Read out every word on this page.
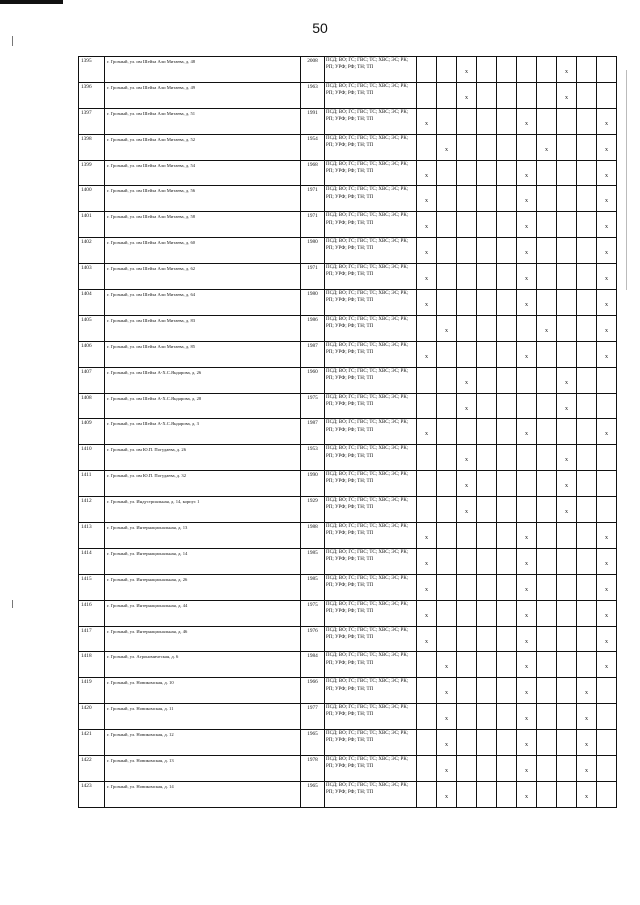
50
1395	г. Грозный, ул. им Шейха Али Митаева, д. 48	2008	ПСД; ВО; ГС; ГВС; ТС; ХВС; ЭС; РК; РП; УРФ; РФ; ТН; ТП			x					x		

1396	г. Грозный, ул. им Шейха Али Митаева, д. 49	1963	ПСД; ВО; ГС; ГВС; ТС; ХВС; ЭС; РК; РП; УРФ; РФ; ТН; ТП			x					x		

1397	г. Грозный, ул. им Шейха Али Митаева, д. 51	1991	ПСД; ВО; ГС; ГВС; ТС; ХВС; ЭС; РК; РП; УРФ; РФ; ТН; ТП	x					x				x

1398	г. Грозный, ул. им Шейха Али Митаева, д. 52	1954	ПСД; ВО; ГС; ГВС; ТС; ХВС; ЭС; РК; РП; УРФ; РФ; ТН; ТП		x					x			x

1399	г. Грозный, ул. им Шейха Али Митаева, д. 54	1968	ПСД; ВО; ГС; ГВС; ТС; ХВС; ЭС; РК; РП; УРФ; РФ; ТН; ТП	x					x				x

1400	г. Грозный, ул. им Шейха Али Митаева, д. 56	1971	ПСД; ВО; ГС; ГВС; ТС; ХВС; ЭС; РК; РП; УРФ; РФ; ТН; ТП	x					x				x

1401	г. Грозный, ул. им Шейха Али Митаева, д. 58	1971	ПСД; ВО; ГС; ГВС; ТС; ХВС; ЭС; РК; РП; УРФ; РФ; ТН; ТП	x					x				x

1402	г. Грозный, ул. им Шейха Али Митаева, д. 60	1980	ПСД; ВО; ГС; ГВС; ТС; ХВС; ЭС; РК; РП; УРФ; РФ; ТН; ТП	x					x				x

1403	г. Грозный, ул. им Шейха Али Митаева, д. 62	1971	ПСД; ВО; ГС; ГВС; ТС; ХВС; ЭС; РК; РП; УРФ; РФ; ТН; ТП	x					x				x

1404	г. Грозный, ул. им Шейха Али Митаева, д. 64	1980	ПСД; ВО; ГС; ГВС; ТС; ХВС; ЭС; РК; РП; УРФ; РФ; ТН; ТП	x					x				x

1405	г. Грозный, ул. им Шейха Али Митаева, д. 83	1986	ПСД; ВО; ГС; ГВС; ТС; ХВС; ЭС; РК; РП; УРФ; РФ; ТН; ТП		x					x			x

1406	г. Грозный, ул. им Шейха Али Митаева, д. 85	1987	ПСД; ВО; ГС; ГВС; ТС; ХВС; ЭС; РК; РП; УРФ; РФ; ТН; ТП	x					x				x

1407	г. Грозный, ул. им Шейха А-Х.С.Яндарова, д. 26	1960	ПСД; ВО; ГС; ГВС; ТС; ХВС; ЭС; РК; РП; УРФ; РФ; ТН; ТП			x					x		

1408	г. Грозный, ул. им Шейха А-Х.С.Яндарова, д. 28	1975	ПСД; ВО; ГС; ГВС; ТС; ХВС; ЭС; РК; РП; УРФ; РФ; ТН; ТП			x					x		

1409	г. Грозный, ул. им Шейха А-Х.С.Яндарова, д. 3	1987	ПСД; ВО; ГС; ГВС; ТС; ХВС; ЭС; РК; РП; УРФ; РФ; ТН; ТП	x					x				x

1410	г. Грозный, ул. им Ю.П. Погудаева, д. 26	1953	ПСД; ВО; ГС; ГВС; ТС; ХВС; ЭС; РК; РП; УРФ; РФ; ТН; ТП			x					x		

1411	г. Грозный, ул. им Ю.П. Погудаева, д. 32	1990	ПСД; ВО; ГС; ГВС; ТС; ХВС; ЭС; РК; РП; УРФ; РФ; ТН; ТП			x					x		

1412	г. Грозный, ул. Индустриальная, д. 14, корпус 1	1929	ПСД; ВО; ГС; ГВС; ТС; ХВС; ЭС; РК; РП; УРФ; РФ; ТН; ТП			x					x		

1413	г. Грозный, ул. Интернациональная, д. 13	1988	ПСД; ВО; ГС; ГВС; ТС; ХВС; ЭС; РК; РП; УРФ; РФ; ТН; ТП	x					x				x

1414	г. Грозный, ул. Интернациональная, д. 14	1985	ПСД; ВО; ГС; ГВС; ТС; ХВС; ЭС; РК; РП; УРФ; РФ; ТН; ТП	x					x				x

1415	г. Грозный, ул. Интернациональная, д. 26	1985	ПСД; ВО; ГС; ГВС; ТС; ХВС; ЭС; РК; РП; УРФ; РФ; ТН; ТП	x					x				x

1416	г. Грозный, ул. Интернациональная, д. 44	1975	ПСД; ВО; ГС; ГВС; ТС; ХВС; ЭС; РК; РП; УРФ; РФ; ТН; ТП	x					x				x

1417	г. Грозный, ул. Интернациональная, д. 46	1976	ПСД; ВО; ГС; ГВС; ТС; ХВС; ЭС; РК; РП; УРФ; РФ; ТН; ТП	x					x				x

1418	г. Грозный, ул. Агрономическая, д. 6	1984	ПСД; ВО; ГС; ГВС; ТС; ХВС; ЭС; РК; РП; УРФ; РФ; ТН; ТП		x				x				x

1419	г. Грозный, ул. Новикомская, д. 10	1966	ПСД; ВО; ГС; ГВС; ТС; ХВС; ЭС; РК; РП; УРФ; РФ; ТН; ТП		x				x			x	

1420	г. Грозный, ул. Новикомская, д. 11	1977	ПСД; ВО; ГС; ГВС; ТС; ХВС; ЭС; РК; РП; УРФ; РФ; ТН; ТП		x				x			x	

1421	г. Грозный, ул. Новикомская, д. 12	1965	ПСД; ВО; ГС; ГВС; ТС; ХВС; ЭС; РК; РП; УРФ; РФ; ТН; ТП		x				x			x	

1422	г. Грозный, ул. Новикомская, д. 13	1978	ПСД; ВО; ГС; ГВС; ТС; ХВС; ЭС; РК; РП; УРФ; РФ; ТН; ТП		x				x			x	

1423	г. Грозный, ул. Новикомская, д. 14	1965	ПСД; ВО; ГС; ГВС; ТС; ХВС; ЭС; РК; РП; УРФ; РФ; ТН; ТП		x				x			x	
